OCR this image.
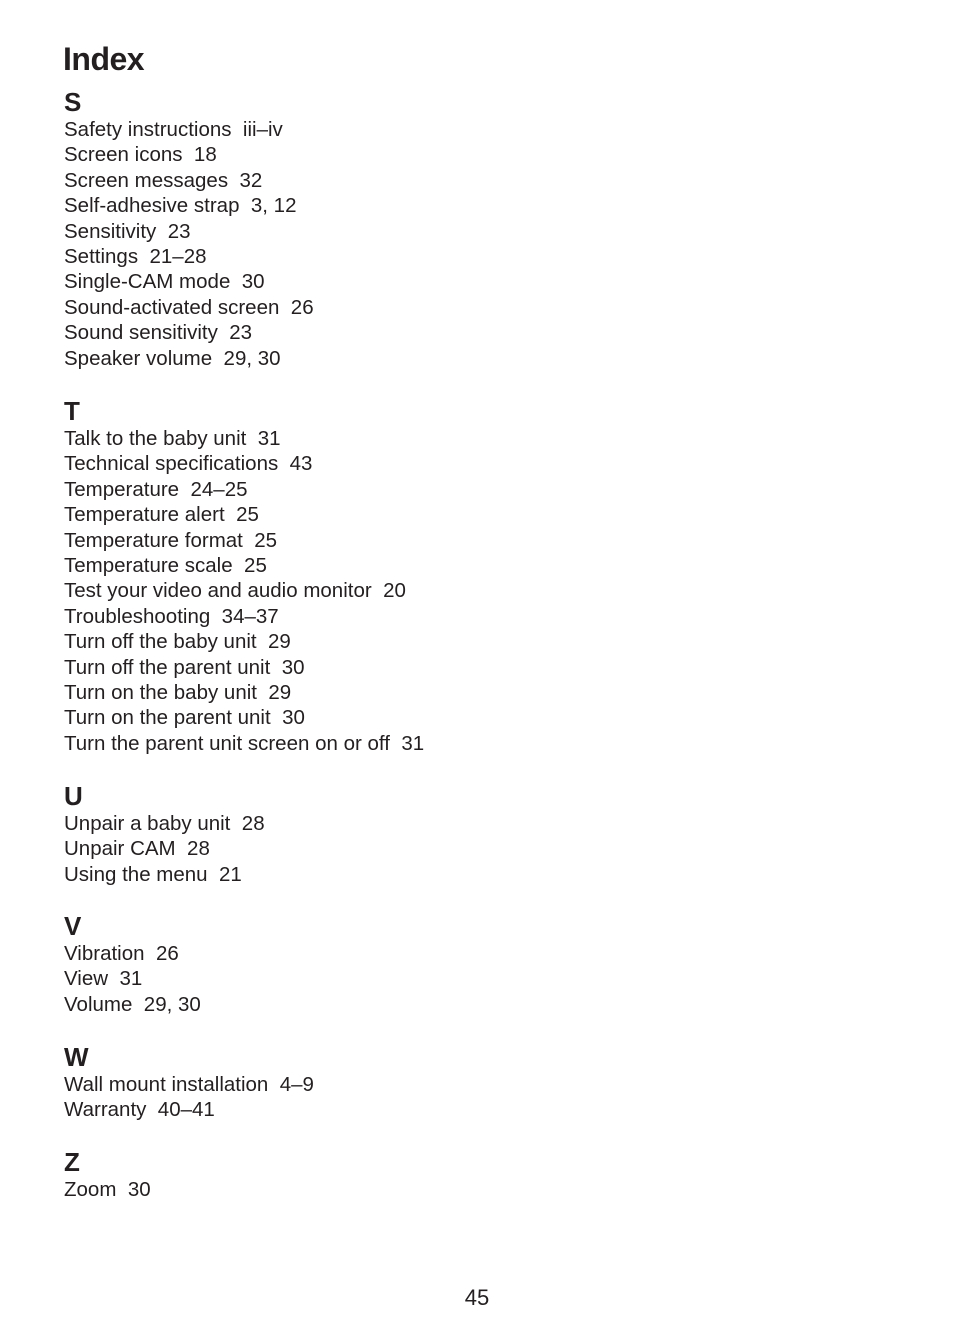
Index
S
Safety instructions iii–iv
Screen icons 18
Screen messages 32
Self-adhesive strap 3, 12
Sensitivity 23
Settings 21–28
Single-CAM mode 30
Sound-activated screen 26
Sound sensitivity 23
Speaker volume 29, 30
T
Talk to the baby unit 31
Technical specifications 43
Temperature 24–25
Temperature alert 25
Temperature format 25
Temperature scale 25
Test your video and audio monitor 20
Troubleshooting 34–37
Turn off the baby unit 29
Turn off the parent unit 30
Turn on the baby unit 29
Turn on the parent unit 30
Turn the parent unit screen on or off 31
U
Unpair a baby unit 28
Unpair CAM 28
Using the menu 21
V
Vibration 26
View 31
Volume 29, 30
W
Wall mount installation 4–9
Warranty 40–41
Z
Zoom 30
45
